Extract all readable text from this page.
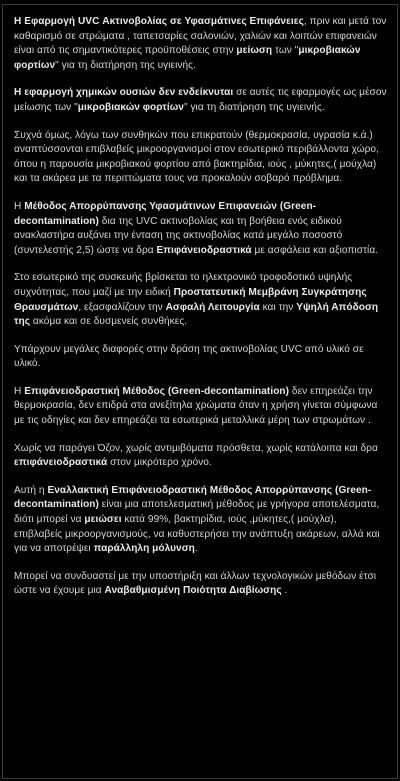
Η Εφαρμογή UVC Ακτινοβολίας σε Υφασμάτινες Επιφάνειες, πριν και μετά τον καθαρισμό σε στρώματα , ταπετσαρίες σαλονιών, χαλιών και λοιπών επιφανειών είναι από τις σημαντικότερες προϋποθέσεις στην μείωση των "μικροβιακών φορτίων" για τη διατήρηση της υγιεινής.

Η εφαρμογή χημικών ουσιών δεν ενδείκνυται σε αυτές τις εφαρμογές ως μέσον μείωσης των "μικροβιακών φορτίων" για τη διατήρηση της υγιεινής.

Συχνά όμως, λόγω των συνθηκών που επικρατούν (θερμοκρασία, υγρασία κ.ά.) αναπτύσσονται επιβλαβείς μικροοργανισμοί στον εσωτερικό περιβάλλοντα χώρο, όπου η παρουσία μικροβιακού φορτίου από βακτηρίδια, ιούς , μύκητες,( μούχλα) και τα ακάρεα με τα περιττώματα τους να προκαλούν σοβαρό πρόβλημα.

Η Μέθοδος Απορρύπανσης Υφασμάτινων Επιφανειών (Green-decontamination) δια της UVC ακτινοβολίας και τη βοήθεια ενός ειδικού ανακλαστήρα αυξάνει την ένταση της ακτινοβολίας κατά μεγάλο ποσοστό (συντελεστής 2,5) ώστε να δρα Επιφάνειοδραστικά με ασφάλεια και αξιοπιστία.

Στο εσωτερικό της συσκευής βρίσκεται το ηλεκτρονικό τροφοδοτικό υψηλής συχνότητας, που μαζί με την ειδική Προστατευτική Μεμβράνη Συγκράτησης Θραυσμάτων, εξασφαλίζουν την Ασφαλή Λειτουργία και την Υψηλή Απόδοση της ακόμα και σε δυσμενείς συνθήκες.

Υπάρχουν μεγάλες διαφορές στην δράση της ακτινοβολίας UVC από υλικό σε υλικό.

Η Επιφάνειοδραστική Μέθοδος (Green-decontamination) δεν επηρεάζει την θερμοκρασία, δεν επιδρά στα ανεξίτηλα χρώματα όταν η χρήση γίνεται σύμφωνα με τις οδηγίες και δεν επηρεάζει τα εσωτερικά μεταλλικά μέρη των στρωμάτων .

Χωρίς να παράγει Όζον, χωρίς αντιμιβόματα πρόσθετα, χωρίς κατάλοιπα και δρα επιφάνειοδραστικά στον μικρότερο χρόνο.

Αυτή η Εναλλακτική Επιφάνειοδραστική Μέθοδος Απορρύπανσης (Green-decontamination) είναι μια αποτελεσματική μέθοδος με γρήγορα αποτελέσματα, διότι μπορεί να μειώσει κατά 99%, βακτηρίδια, ιούς ,μύκητες,( μούχλα), επιβλαβείς μικροοργανισμούς, να καθυστερήσει την ανάπτυξη ακάρεων, αλλά και για να αποτρέψει παράλληλη μόλυνση.

Μπορεί να συνδυαστεί με την υποστήριξη και άλλων τεχνολογικών μεθόδων έτσι ώστε να έχουμε μια Αναβαθμισμένη Ποιότητα Διαβίωσης .
